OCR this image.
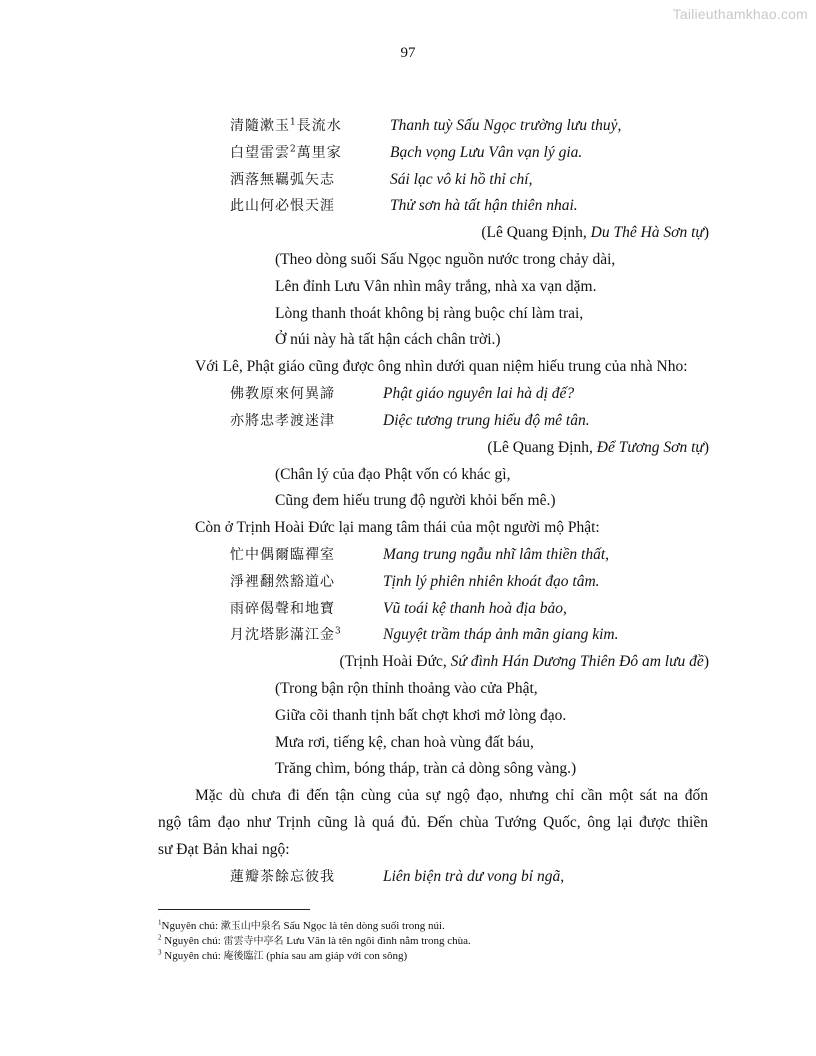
Tailieuthamkhao.com
97
清隨漱玉$^1$長流水	Thanh tuỳ Sấu Ngọc trường lưu thuỷ,
白望雷雲$^2$萬里家	Bạch vọng Lưu Vân vạn lý gia.
洒落無羈弧矢志	Sái lạc vô ki hồ thỉ chí,
此山何必恨天涯	Thử sơn hà tất hận thiên nhai.
(Lê Quang Định, Du Thê Hà Sơn tự)
(Theo dòng suối Sấu Ngọc nguồn nước trong chảy dài,
Lên đỉnh Lưu Vân nhìn mây trắng, nhà xa vạn dặm.
Lòng thanh thoát không bị ràng buộc chí làm trai,
Ở núi này hà tất hận cách chân trời.)
Với Lê, Phật giáo cũng được ông nhìn dưới quan niệm hiếu trung của nhà Nho:
佛教原來何異諦	Phật giáo nguyên lai hà dị đế?
亦將忠孝渡迷津	Diệc tương trung hiếu độ mê tân.
(Lê Quang Định, Để Tương Sơn tự)
(Chân lý của đạo Phật vốn có khác gì,
Cũng đem hiếu trung độ người khỏi bến mê.)
Còn ở Trịnh Hoài Đức lại mang tâm thái của một người mộ Phật:
忙中偶爾臨禪室	Mang trung ngẫu nhĩ lâm thiền thất,
淨裡翻然豁道心	Tịnh lý phiên nhiên khoát đạo tâm.
雨碎偈聲和地寶	Vũ toái kệ thanh hoà địa bảo,
月沈塔影滿江金$^3$	Nguyệt trầm tháp ảnh mãn giang kim.
(Trịnh Hoài Đức, Sứ đình Hán Dương Thiên Đô am lưu đề)
(Trong bận rộn thỉnh thoảng vào cửa Phật,
Giữa cõi thanh tịnh bất chợt khơi mở lòng đạo.
Mưa rơi, tiếng kệ, chan hoà vùng đất báu,
Trăng chìm, bóng tháp, tràn cả dòng sông vàng.)
Mặc dù chưa đi đến tận cùng của sự ngộ đạo, nhưng chỉ cần một sát na đốn
ngộ tâm đạo như Trịnh cũng là quá đủ. Đến chùa Tướng Quốc, ông lại được thiền
sư Đạt Bản khai ngộ:
蓮瓣茶餘忘彼我	Liên biện trà dư vong bỉ ngã,
$^1$Nguyên chú: 漱玉山中泉名 Sấu Ngọc là tên dòng suối trong núi.
$^2$ Nguyên chú: 雷雲寺中亭名 Lưu Vân là tên ngôi đình nằm trong chùa.
$^3$ Nguyên chú: 庵後臨江 (phía sau am giáp với con sông)
